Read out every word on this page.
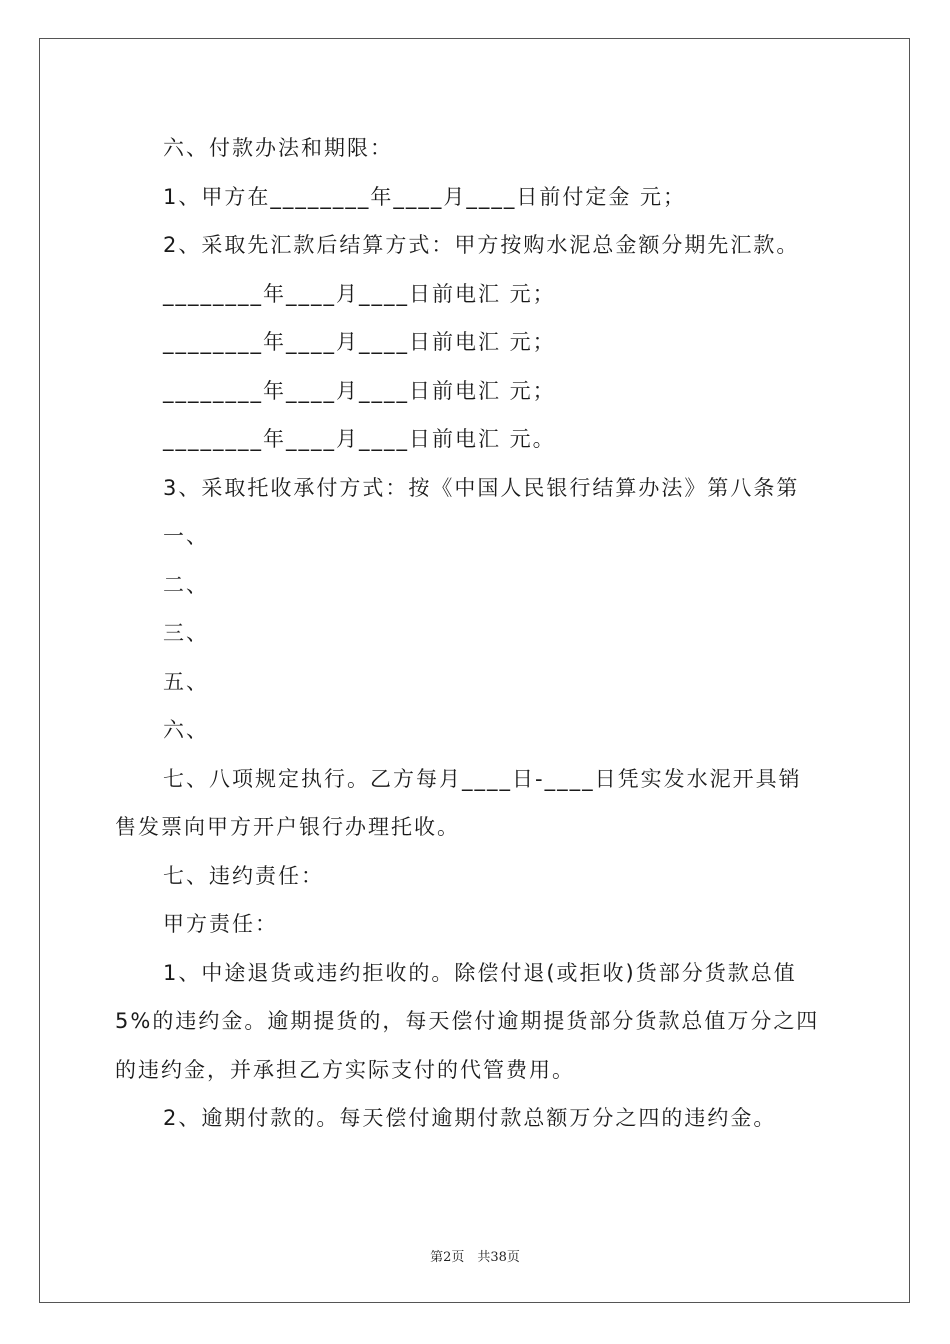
六、付款办法和期限：
1、甲方在________年____月____日前付定金 元；
2、采取先汇款后结算方式：甲方按购水泥总金额分期先汇款。
________年____月____日前电汇 元；
________年____月____日前电汇 元；
________年____月____日前电汇 元；
________年____月____日前电汇 元。
3、采取托收承付方式：按《中国人民银行结算办法》第八条第
一、
二、
三、
五、
六、
七、八项规定执行。乙方每月____日-____日凭实发水泥开具销
售发票向甲方开户银行办理托收。
七、违约责任：
甲方责任：
1、中途退货或违约拒收的。除偿付退(或拒收)货部分货款总值
5%的违约金。逾期提货的，每天偿付逾期提货部分货款总值万分之四
的违约金，并承担乙方实际支付的代管费用。
2、逾期付款的。每天偿付逾期付款总额万分之四的违约金。
第2页　共38页
